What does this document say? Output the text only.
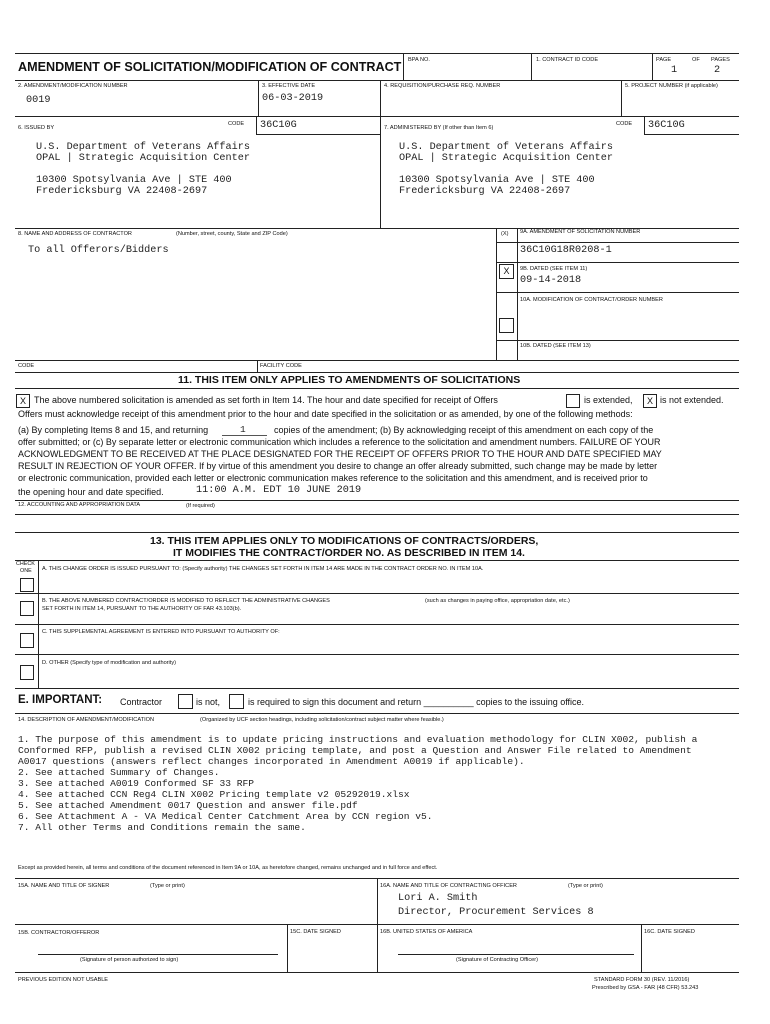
AMENDMENT OF SOLICITATION/MODIFICATION OF CONTRACT BPA NO.	1. CONTRACT ID CODE	PAGE	OF PAGES
1	2
2. AMENDMENT/MODIFICATION NUMBER
0019
3. EFFECTIVE DATE
06-03-2019
4. REQUISITION/PURCHASE REQ. NUMBER	5. PROJECT NUMBER (if applicable)
6. ISSUED BY
CODE 36C10G	7. ADMINISTERED BY (If other than Item 6)
CODE 36C10G
U.S. Department of Veterans Affairs
OPAL | Strategic Acquisition Center
10300 Spotsylvania Ave | STE 400
Fredericksburg VA 22408-2697
U.S. Department of Veterans Affairs
OPAL | Strategic Acquisition Center
10300 Spotsylvania Ave | STE 400
Fredericksburg VA 22408-2697
8. NAME AND ADDRESS OF CONTRACTOR	(Number, street, county, State and ZIP Code)
To all Offerors/Bidders
(X) 9A. AMENDMENT OF SOLICITATION NUMBER
36C10G18R0208-1
X	9B. DATED (SEE ITEM 11)
09-14-2018
10A. MODIFICATION OF CONTRACT/ORDER NUMBER
10B. DATED (SEE ITEM 13)
CODE	FACILITY CODE
11. THIS ITEM ONLY APPLIES TO AMENDMENTS OF SOLICITATIONS
X The above numbered solicitation is amended as set forth in Item 14. The hour and date specified for receipt of Offers	is extended,	X is not extended.
Offers must acknowledge receipt of this amendment prior to the hour and date specified in the solicitation or as amended, by one of the following methods:
(a) By completing Items 8 and 15, and returning	1	copies of the amendment; (b) By acknowledging receipt of this amendment on each copy of the
offer submitted; or (c) By separate letter or electronic communication which includes a reference to the solicitation and amendment numbers. FAILURE OF YOUR
ACKNOWLEDGMENT TO BE RECEIVED AT THE PLACE DESIGNATED FOR THE RECEIPT OF OFFERS PRIOR TO THE HOUR AND DATE SPECIFIED MAY
RESULT IN REJECTION OF YOUR OFFER. If by virtue of this amendment you desire to change an offer already submitted, such change may be made by letter
or electronic communication, provided each letter or electronic communication makes reference to the solicitation and this amendment, and is received prior to
the opening hour and date specified.	11:00 A.M. EDT 10 JUNE 2019
12. ACCOUNTING AND APPROPRIATION DATA	(If required)
13. THIS ITEM APPLIES ONLY TO MODIFICATIONS OF CONTRACTS/ORDERS,
IT MODIFIES THE CONTRACT/ORDER NO. AS DESCRIBED IN ITEM 14.
CHECK
ONE A. THIS CHANGE ORDER IS ISSUED PURSUANT TO: (Specify authority) THE CHANGES SET FORTH IN ITEM 14 ARE MADE IN THE CONTRACT ORDER NO. IN ITEM 10A.
B. THE ABOVE NUMBERED CONTRACT/ORDER IS MODIFIED TO REFLECT THE ADMINISTRATIVE CHANGES	(such as changes in paying office, appropriation date, etc.)
SET FORTH IN ITEM 14, PURSUANT TO THE AUTHORITY OF FAR 43.103(b).
C. THIS SUPPLEMENTAL AGREEMENT IS ENTERED INTO PURSUANT TO AUTHORITY OF:
D. OTHER (Specify type of modification and authority)
E. IMPORTANT: Contractor	is not,	is required to sign this document and return __________ copies to the issuing office.
14. DESCRIPTION OF AMENDMENT/MODIFICATION	(Organized by UCF section headings, including solicitation/contract subject matter where feasible.)
1. The purpose of this amendment is to update pricing instructions and evaluation methodology for CLIN X002, publish a
Conformed RFP, publish a revised CLIN X002 pricing template, and post a Question and Answer File related to Amendment
A0017 questions (answers reflect changes incorporated in Amendment A0019 if applicable).
2. See attached Summary of Changes.
3. See attached A0019 Conformed SF 33 RFP
4. See attached CCN Reg4 CLIN X002 Pricing template v2 05292019.xlsx
5. See attached Amendment 0017 Question and answer file.pdf
6. See Attachment A - VA Medical Center Catchment Area by CCN region v5.
7. All other Terms and Conditions remain the same.
Except as provided herein, all terms and conditions of the document referenced in Item 9A or 10A, as heretofore changed, remains unchanged and in full force and effect.
15A. NAME AND TITLE OF SIGNER	(Type or print)	16A. NAME AND TITLE OF CONTRACTING OFFICER	(Type or print)
Lori A. Smith
Director, Procurement Services 8
15B. CONTRACTOR/OFFEROR	15C. DATE SIGNED	16B. UNITED STATES OF AMERICA	16C. DATE SIGNED
(Signature of person authorized to sign)	(Signature of Contracting Officer)
PREVIOUS EDITION NOT USABLE	STANDARD FORM 30 (REV. 11/2016)
Prescribed by GSA - FAR (48 CFR) 53.243
